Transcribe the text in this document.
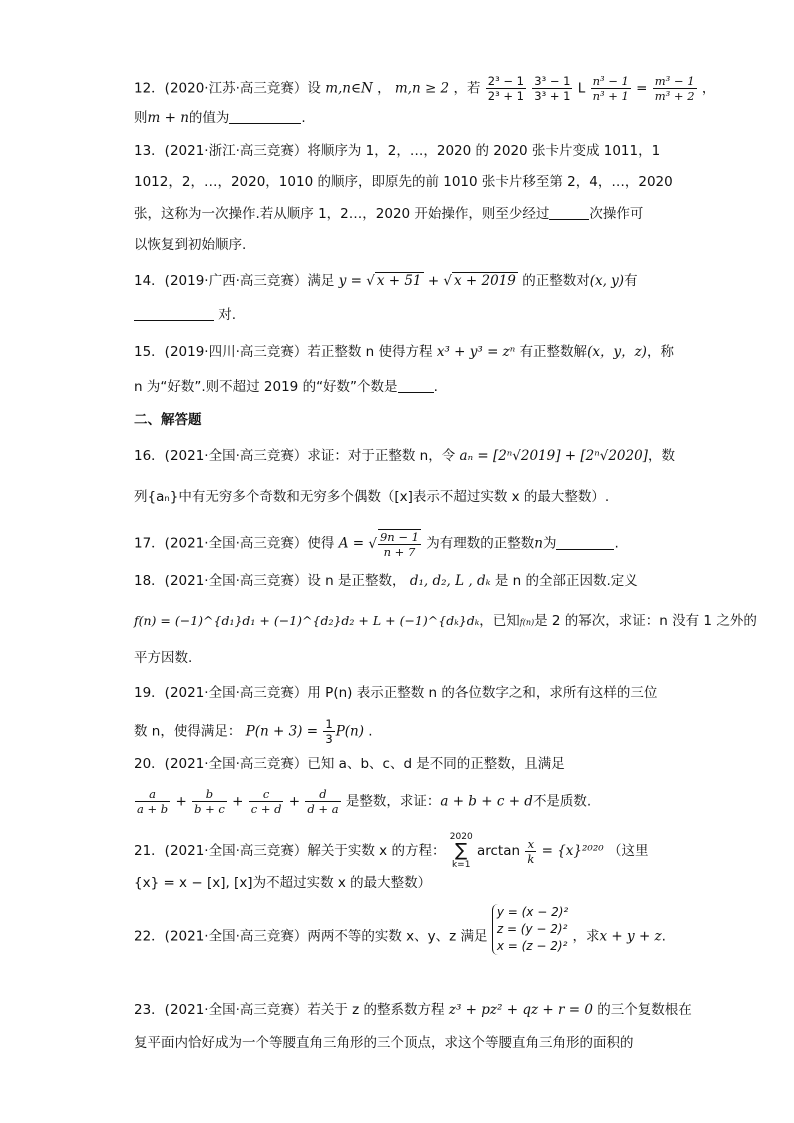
12．(2020·江苏·高三竞赛）设 m,n∈N ， m,n ≥ 2 ，若 $\frac{\text{2³ − 1}}{\text{2³ + 1}}$
$\frac{\text{3³ − 1}}{\text{3³ + 1}}$ L $\frac{\text{n³ − 1}}{\text{n³ + 1}} = \frac{\text{m³ − 1}}{\text{m³ + 2}}$ ，
则m + n的值为	.
13．(2021·浙江·高三竞赛）将顺序为 1，2，…，2020 的 2020 张卡片变成 1011，1
1012，2，…，2020，1010 的顺序，即原先的前 1010 张卡片移至第 2，4，…，2020
张，这称为一次操作.若从顺序 1，2…，2020 开始操作，则至少经过	次操作可
以恢复到初始顺序.
14．(2019·广西·高三竞赛）满足 y = √ x + 51 + √ x + 2019 的正整数对(x, y)有
对.
15．(2019·四川·高三竞赛）若正整数 n 使得方程 x³ + y³ = zⁿ 有正整数解(x，y，z)，称
n 为“好数”.则不超过 2019 的“好数”个数是	.
二、解答题
16．(2021·全国·高三竞赛）求证：对于正整数 n，令 aₙ = [2ⁿ√2019] + [2ⁿ√2020]，数
列{aₙ}中有无穷多个奇数和无穷多个偶数（[x]表示不超过实数 x 的最大整数）.
17．(2021·全国·高三竞赛）使得 A = √ $\frac{9n - 1}{n + 7}$ 为有理数的正整数n为	.
18．(2021·全国·高三竞赛）设 n 是正整数， d₁, d₂, L , dₖ 是 n 的全部正因数.定义
f(n) = (−1)^{d₁}d₁ + (−1)^{d₂}d₂ + L + (−1)^{dₖ}dₖ，已知f(n)是 2 的幂次，求证：n 没有 1 之外的
平方因数.
19．(2021·全国·高三竞赛）用 P(n) 表示正整数 n 的各位数字之和，求所有这样的三位
数 n，使得满足： $P(n + 3) = \frac{1}{3} P(n)$ .
20．(2021·全国·高三竞赛）已知 a、b、c、d 是不同的正整数，且满足
$\frac{a}{a + b} + \frac{b}{b + c} + \frac{c}{c + d} + \frac{d}{d + a}$ 是整数，求证：a + b + c + d不是质数.
21．(2021·全国·高三竞赛）解关于实数 x 的方程：
2020
∑
k=1
$\arctan \frac{x}{k} = \{x\}^{2020}$ （这里
{x} = x − [x], [x]为不超过实数 x 的最大整数）
22．(2021·全国·高三竞赛）两两不等的实数 x、y、z 满足
y = (x − 2)²
z = (y − 2)²
x = (z − 2)²
，求x + y + z.
23．(2021·全国·高三竞赛）若关于 z 的整系数方程 z³ + pz² + qz + r = 0 的三个复数根在
复平面内恰好成为一个等腰直角三角形的三个顶点，求这个等腰直角三角形的面积的
